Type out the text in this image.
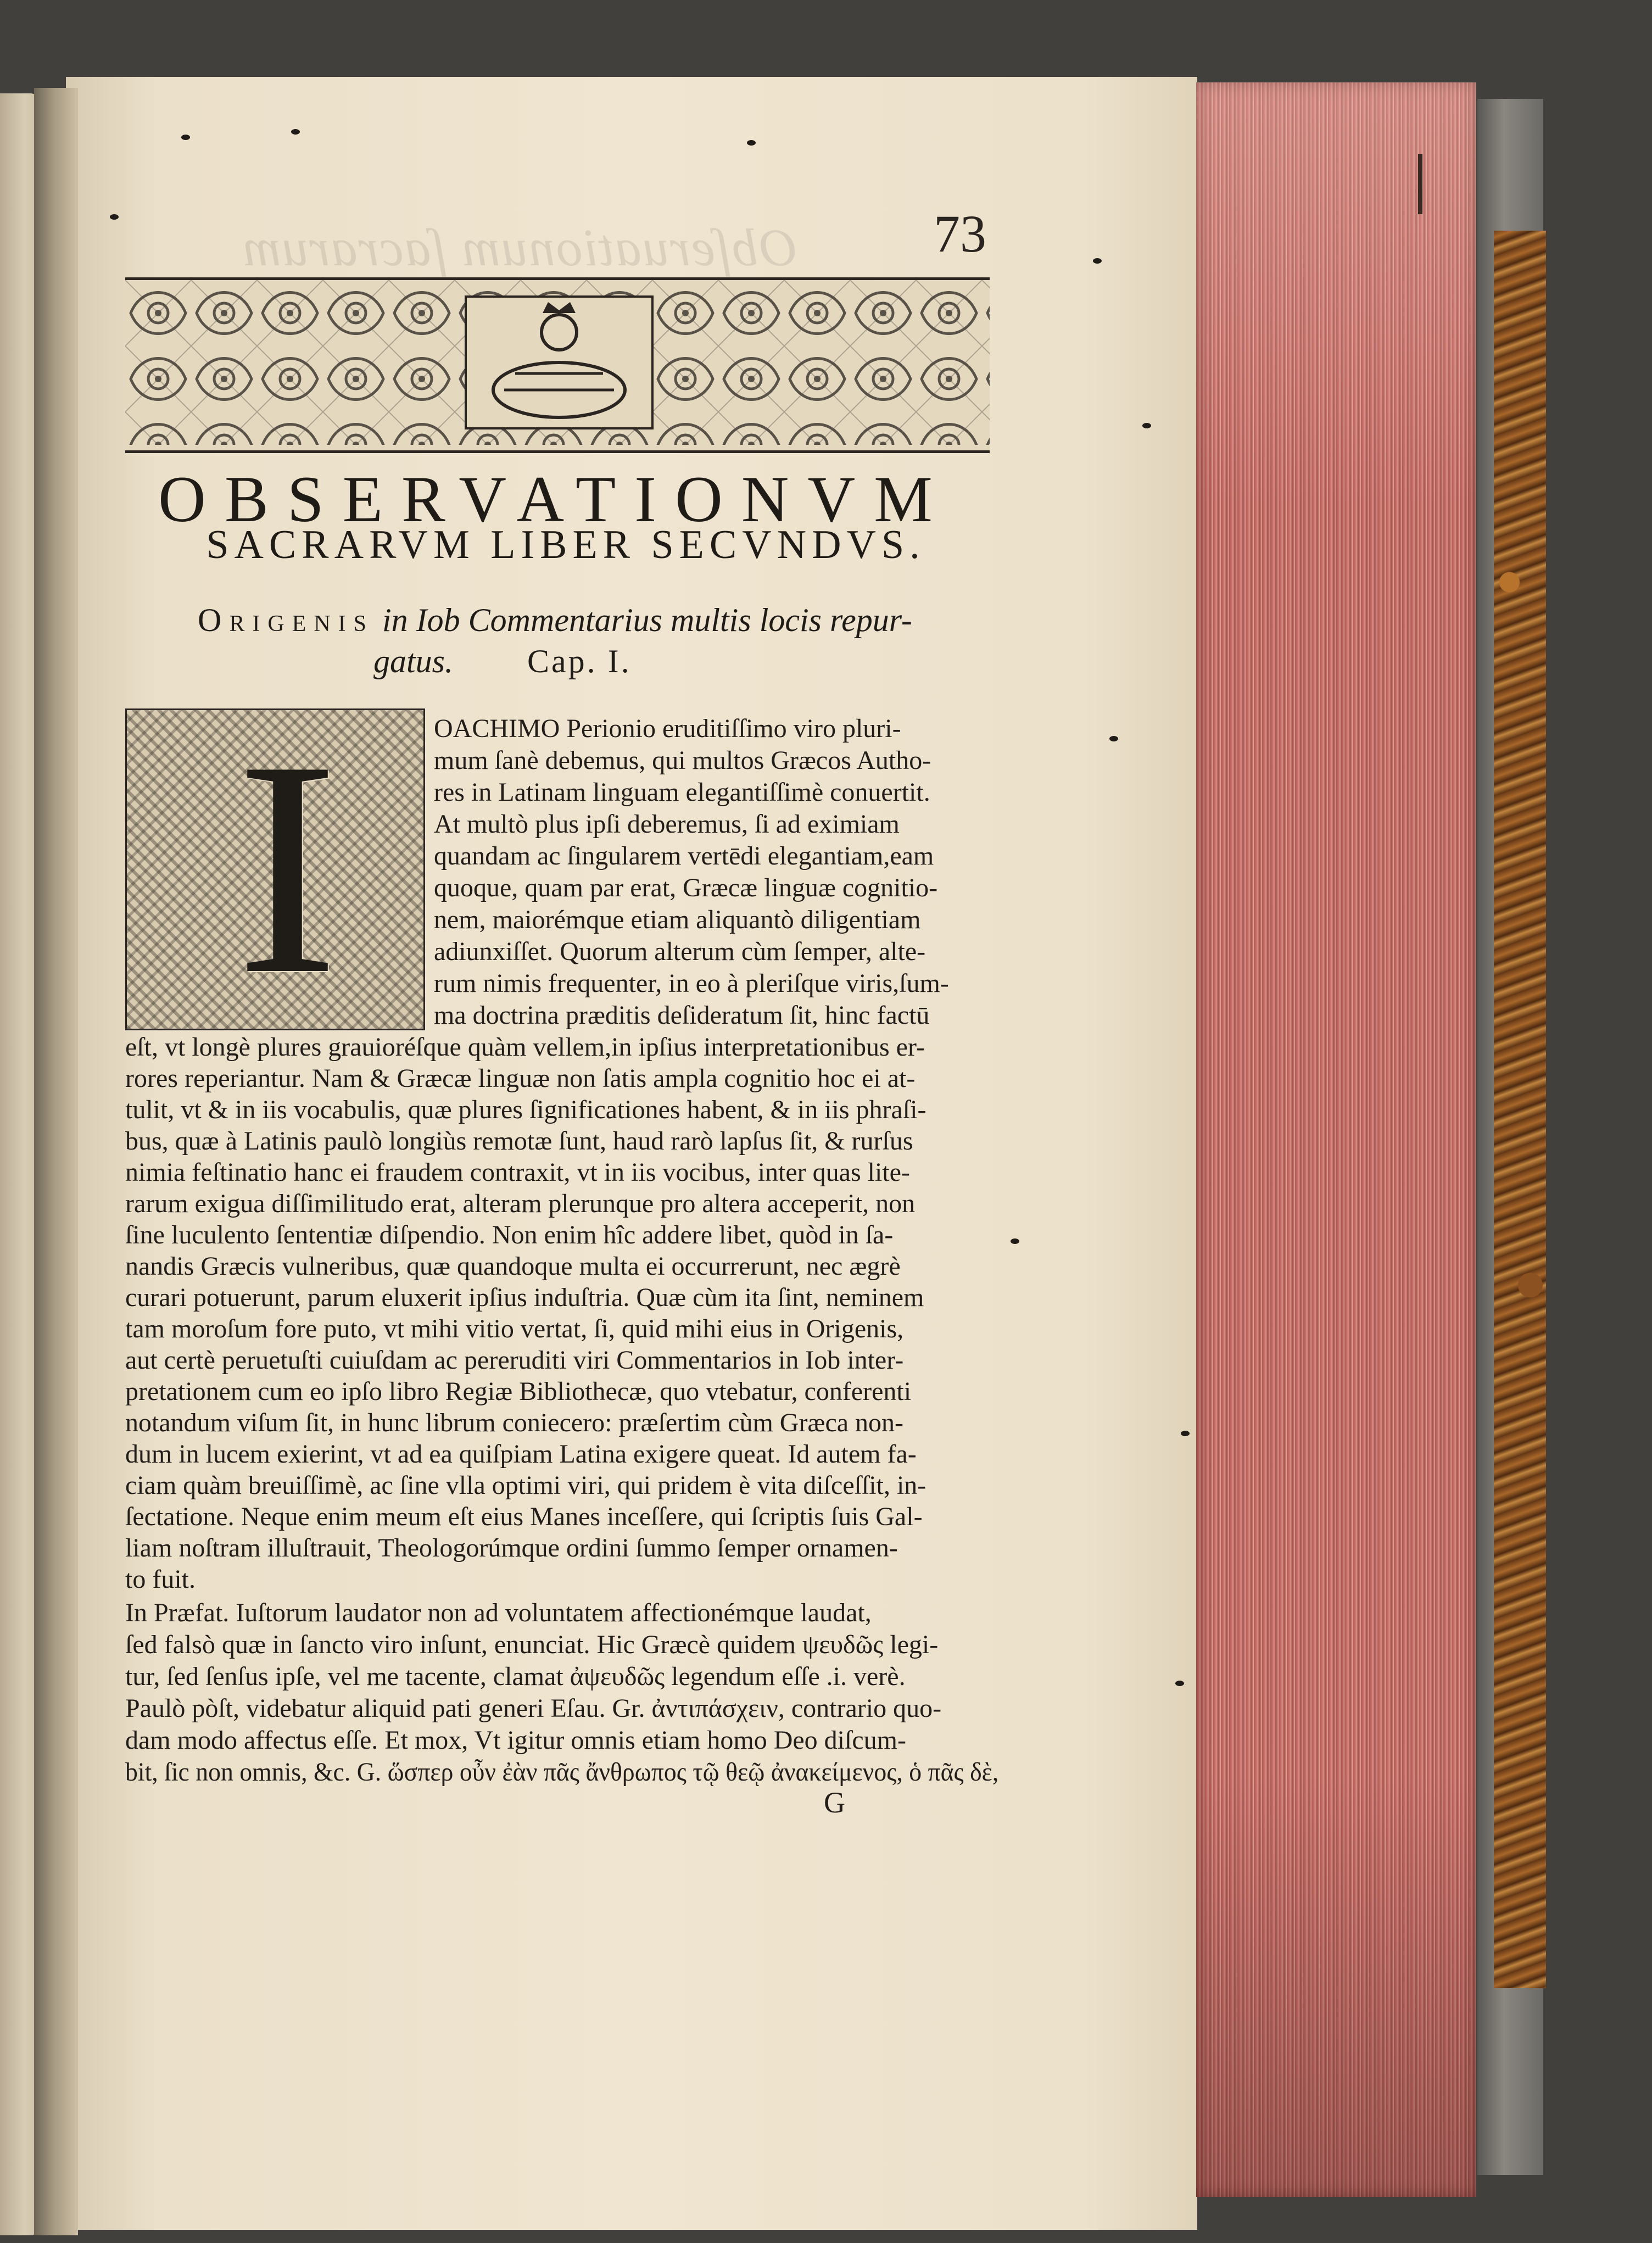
Obſeruationum ſacrarum	73
OBSERVATIONVM
SACRARVM LIBER SECVNDVS.
Origenis in Iob Commentarius multis locis repur-
gatus. Cap. I.
I	OACHIMO Perionio eruditiſſimo viro pluri-
mum ſanè debemus, qui multos Græcos Autho-
res in Latinam linguam elegantiſſimè conuertit.
At multò plus ipſi deberemus, ſi ad eximiam
quandam ac ſingularem vertēdi elegantiam,eam
quoque, quam par erat, Græcæ linguæ cognitio-
nem, maiorémque etiam aliquantò diligentiam
adiunxiſſet. Quorum alterum cùm ſemper, alte-
rum nimis frequenter, in eo à pleriſque viris,ſum-
ma doctrina præditis deſideratum ſit, hinc factū
eſt, vt longè plures grauioréſque quàm vellem,in ipſius interpretationibus er-
rores reperiantur. Nam & Græcæ linguæ non ſatis ampla cognitio hoc ei at-
tulit, vt & in iis vocabulis, quæ plures ſignificationes habent, & in iis phraſi-
bus, quæ à Latinis paulò longiùs remotæ ſunt, haud rarò lapſus ſit, & rurſus
nimia feſtinatio hanc ei fraudem contraxit, vt in iis vocibus, inter quas lite-
rarum exigua diſſimilitudo erat, alteram plerunque pro altera acceperit, non
ſine luculento ſententiæ diſpendio. Non enim hîc addere libet, quòd in ſa-
nandis Græcis vulneribus, quæ quandoque multa ei occurrerunt, nec ægrè
curari potuerunt, parum eluxerit ipſius induſtria. Quæ cùm ita ſint, neminem
tam moroſum fore puto, vt mihi vitio vertat, ſi, quid mihi eius in Origenis,
aut certè peruetuſti cuiuſdam ac pereruditi viri Commentarios in Iob inter-
pretationem cum eo ipſo libro Regiæ Bibliothecæ, quo vtebatur, conferenti
notandum viſum ſit, in hunc librum coniecero: præſertim cùm Græca non-
dum in lucem exierint, vt ad ea quiſpiam Latina exigere queat. Id autem fa-
ciam quàm breuiſſimè, ac ſine vlla optimi viri, qui pridem è vita diſceſſit, in-
ſectatione. Neque enim meum eſt eius Manes inceſſere, qui ſcriptis ſuis Gal-
liam noſtram illuſtrauit, Theologorúmque ordini ſummo ſemper ornamen-
to fuit.
In Præfat. Iuſtorum laudator non ad voluntatem affectionémque laudat,
ſed falsò quæ in ſancto viro inſunt, enunciat. Hic Græcè quidem ψευδῶς legi-
tur, ſed ſenſus ipſe, vel me tacente, clamat ἀψευδῶς legendum eſſe .i. verè.
Paulò pòſt, videbatur aliquid pati generi Eſau. Gr. ἀντιπάσχειν, contrario quo-
dam modo affectus eſſe. Et mox, Vt igitur omnis etiam homo Deo diſcum-
bit, ſic non omnis, &c. G. ὥσπερ οὖν ἐὰν πᾶς ἄνθρωπος τῷ θεῷ ἀνακείμενος, ὁ πᾶς δὲ,
G
